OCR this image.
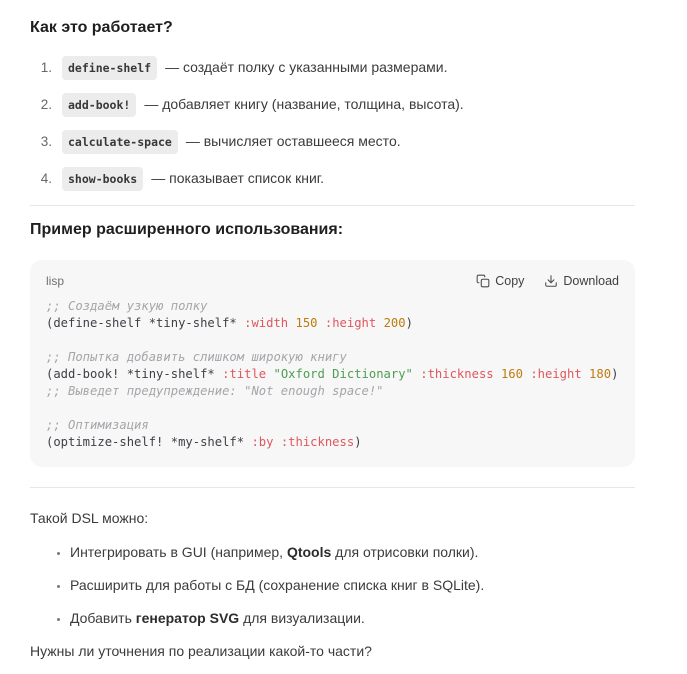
Как это работает?
1.	define-shelf	— создаёт полку с указанными размерами.
2.	add-book!	— добавляет книгу (название, толщина, высота).
3.	calculate-space	— вычисляет оставшееся место.
4.	show-books	— показывает список книг.
Пример расширенного использования:
lisp	Copy	Download
;; Создаём узкую полку
(define-shelf *tiny-shelf* :width 150 :height 200)

;; Попытка добавить слишком широкую книгу
(add-book! *tiny-shelf* :title "Oxford Dictionary" :thickness 160 :height 180)
;; Выведет предупреждение: "Not enough space!"

;; Оптимизация
(optimize-shelf! *my-shelf* :by :thickness)

Такой DSL можно:

• Интегрировать в GUI (например, Qtools для отрисовки полки).
• Расширить для работы с БД (сохранение списка книг в SQLite).
• Добавить генератор SVG для визуализации.

Нужны ли уточнения по реализации какой-то части?
